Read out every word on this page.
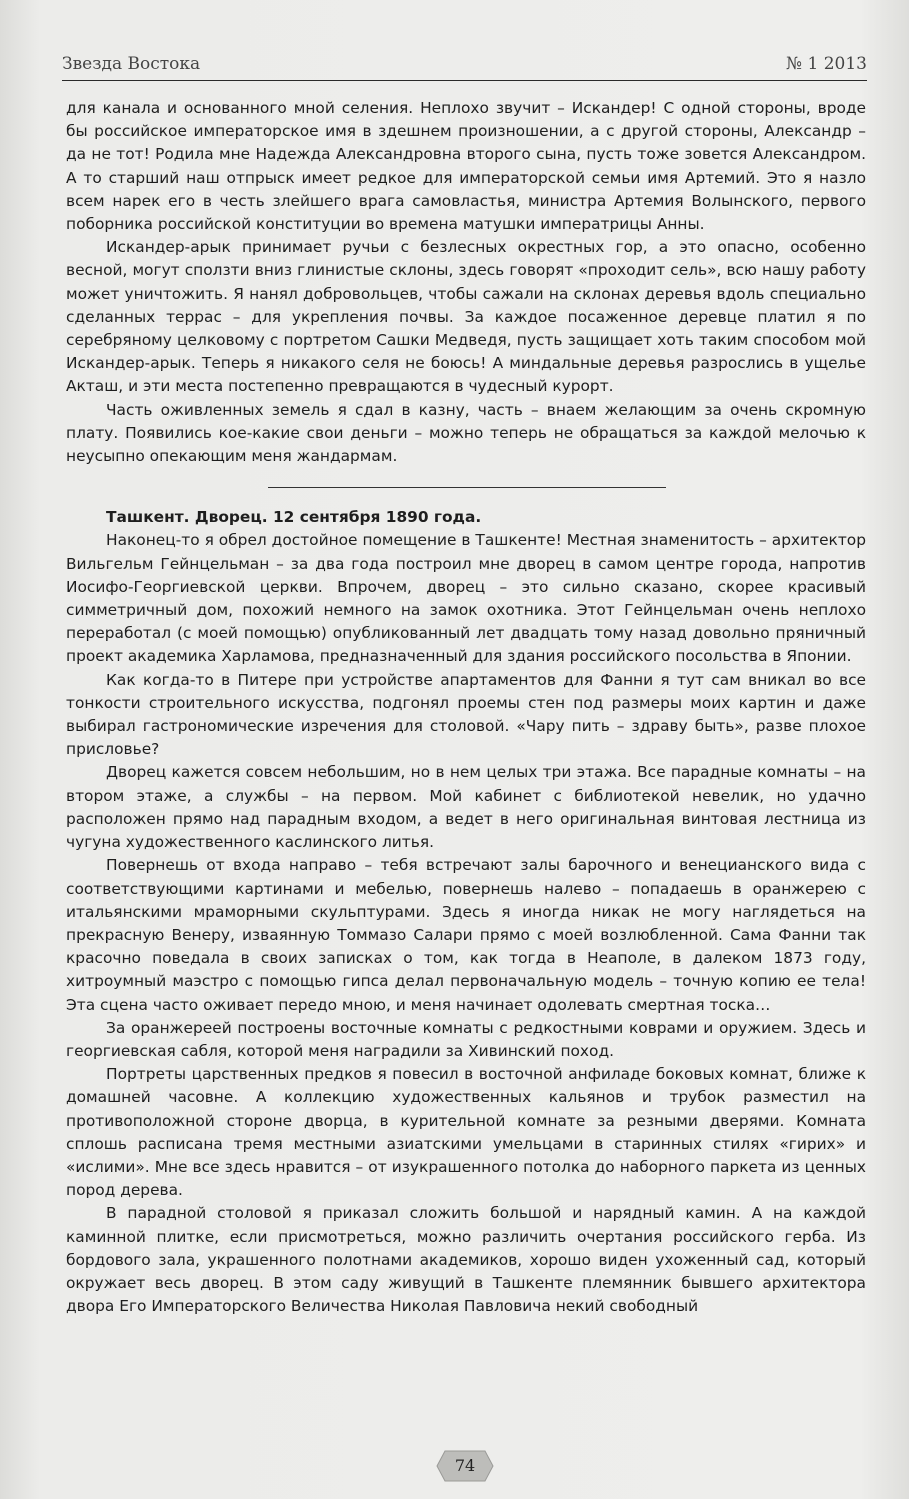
Звезда Востока	№ 1 2013

для канала и основанного мной селения. Неплохо звучит – Искандер! С одной стороны, вроде бы российское императорское имя в здешнем произношении, а с другой стороны, Александр – да не тот! Родила мне Надежда Александровна второго сына, пусть тоже зовется Александром. А то старший наш отпрыск имеет редкое для императорской семьи имя Артемий. Это я назло всем нарек его в честь злейшего врага самовластья, министра Артемия Волынского, первого поборника российской конституции во времена матушки императрицы Анны.

Искандер-арык принимает ручьи с безлесных окрестных гор, а это опасно, особенно весной, могут сползти вниз глинистые склоны, здесь говорят «проходит сель», всю нашу работу может уничтожить. Я нанял добровольцев, чтобы сажали на склонах деревья вдоль специально сделанных террас – для укрепления почвы. За каждое посаженное деревце платил я по серебряному целковому с портретом Сашки Медведя, пусть защищает хоть таким способом мой Искандер-арык. Теперь я никакого селя не боюсь! А миндальные деревья разрослись в ущелье Акташ, и эти места постепенно превращаются в чудесный курорт.

Часть оживленных земель я сдал в казну, часть – внаем желающим за очень скромную плату. Появились кое-какие свои деньги – можно теперь не обращаться за каждой мелочью к неусыпно опекающим меня жандармам.

Ташкент. Дворец. 12 сентября 1890 года.

Наконец-то я обрел достойное помещение в Ташкенте! Местная знаменитость – архитектор Вильгельм Гейнцельман – за два года построил мне дворец в самом центре города, напротив Иосифо-Георгиевской церкви. Впрочем, дворец – это сильно сказано, скорее красивый симметричный дом, похожий немного на замок охотника. Этот Гейнцельман очень неплохо переработал (с моей помощью) опубликованный лет двадцать тому назад довольно пряничный проект академика Харламова, предназначенный для здания российского посольства в Японии.

Как когда-то в Питере при устройстве апартаментов для Фанни я тут сам вникал во все тонкости строительного искусства, подгонял проемы стен под размеры моих картин и даже выбирал гастрономические изречения для столовой. «Чару пить – здраву быть», разве плохое присловье?

Дворец кажется совсем небольшим, но в нем целых три этажа. Все парадные комнаты – на втором этаже, а службы – на первом. Мой кабинет с библиотекой невелик, но удачно расположен прямо над парадным входом, а ведет в него оригинальная винтовая лестница из чугуна художественного каслинского литья.

Повернешь от входа направо – тебя встречают залы барочного и венецианского вида с соответствующими картинами и мебелью, повернешь налево – попадаешь в оранжерею с итальянскими мраморными скульптурами. Здесь я иногда никак не могу наглядеться на прекрасную Венеру, изваянную Томмазо Салари прямо с моей возлюбленной. Сама Фанни так красочно поведала в своих записках о том, как тогда в Неаполе, в далеком 1873 году, хитроумный маэстро с помощью гипса делал первоначальную модель – точную копию ее тела! Эта сцена часто оживает передо мною, и меня начинает одолевать смертная тоска…

За оранжереей построены восточные комнаты с редкостными коврами и оружием. Здесь и георгиевская сабля, которой меня наградили за Хивинский поход.

Портреты царственных предков я повесил в восточной анфиладе боковых комнат, ближе к домашней часовне. А коллекцию художественных кальянов и трубок разместил на противоположной стороне дворца, в курительной комнате за резными дверями. Комната сплошь расписана тремя местными азиатскими умельцами в старинных стилях «гирих» и «ислими». Мне все здесь нравится – от изукрашенного потолка до наборного паркета из ценных пород дерева.

В парадной столовой я приказал сложить большой и нарядный камин. А на каждой каминной плитке, если присмотреться, можно различить очертания российского герба. Из бордового зала, украшенного полотнами академиков, хорошо виден ухоженный сад, который окружает весь дворец. В этом саду живущий в Ташкенте племянник бывшего архитектора двора Его Императорского Величества Николая Павловича некий свободный

74
